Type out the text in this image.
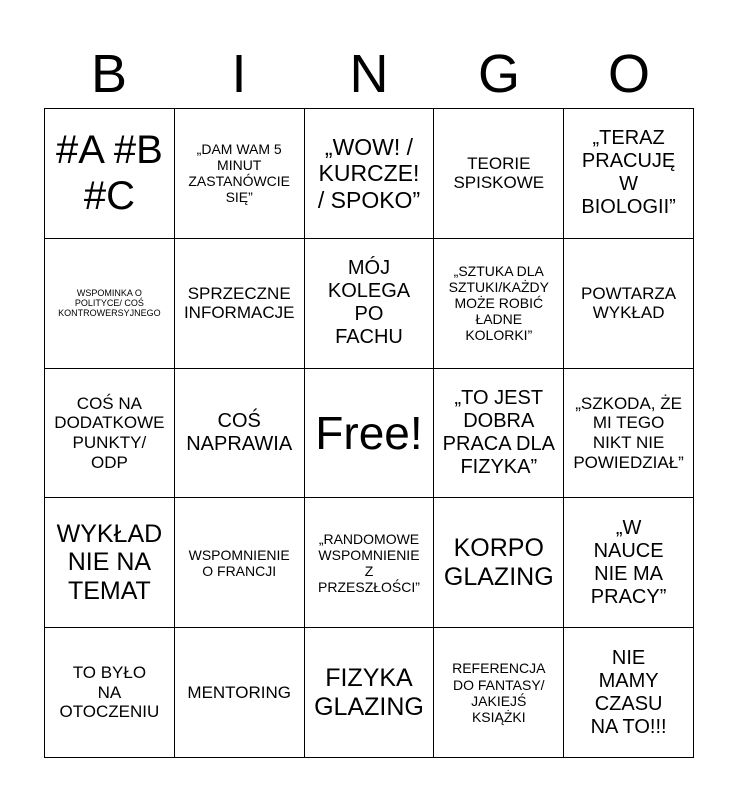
B	I	N	G	O
#A #B
#C
„DAM WAM 5
MINUT
ZASTANÓWCIE
SIĘ”
„WOW! /
KURCZE!
/ SPOKO”
TEORIE
SPISKOWE
„TERAZ
PRACUJĘ
W
BIOLOGII”
WSPOMINKA O
POLITYCE/ COŚ
KONTROWERSYJNEGO
SPRZECZNE
INFORMACJE
MÓJ
KOLEGA
PO
FACHU
„SZTUKA DLA
SZTUKI/KAŻDY
MOŻE ROBIĆ
ŁADNE
KOLORKI”
POWTARZA
WYKŁAD
COŚ NA
DODATKOWE
PUNKTY/
ODP
COŚ
NAPRAWIA Free!
„TO JEST
DOBRA
PRACA DLA
FIZYKA”
„SZKODA, ŻE
MI TEGO
NIKT NIE
POWIEDZIAŁ”
WYKŁAD
NIE NA
TEMAT
WSPOMNIENIE
O FRANCJI
„RANDOMOWE
WSPOMNIENIE
Z
PRZESZŁOŚCI”
KORPO
GLAZING
„W
NAUCE
NIE MA
PRACY”
TO BYŁO
NA
OTOCZENIU
MENTORING
FIZYKA
GLAZING
REFERENCJA
DO FANTASY/
JAKIEJŚ
KSIĄŻKI
NIE
MAMY
CZASU
NA TO!!!
